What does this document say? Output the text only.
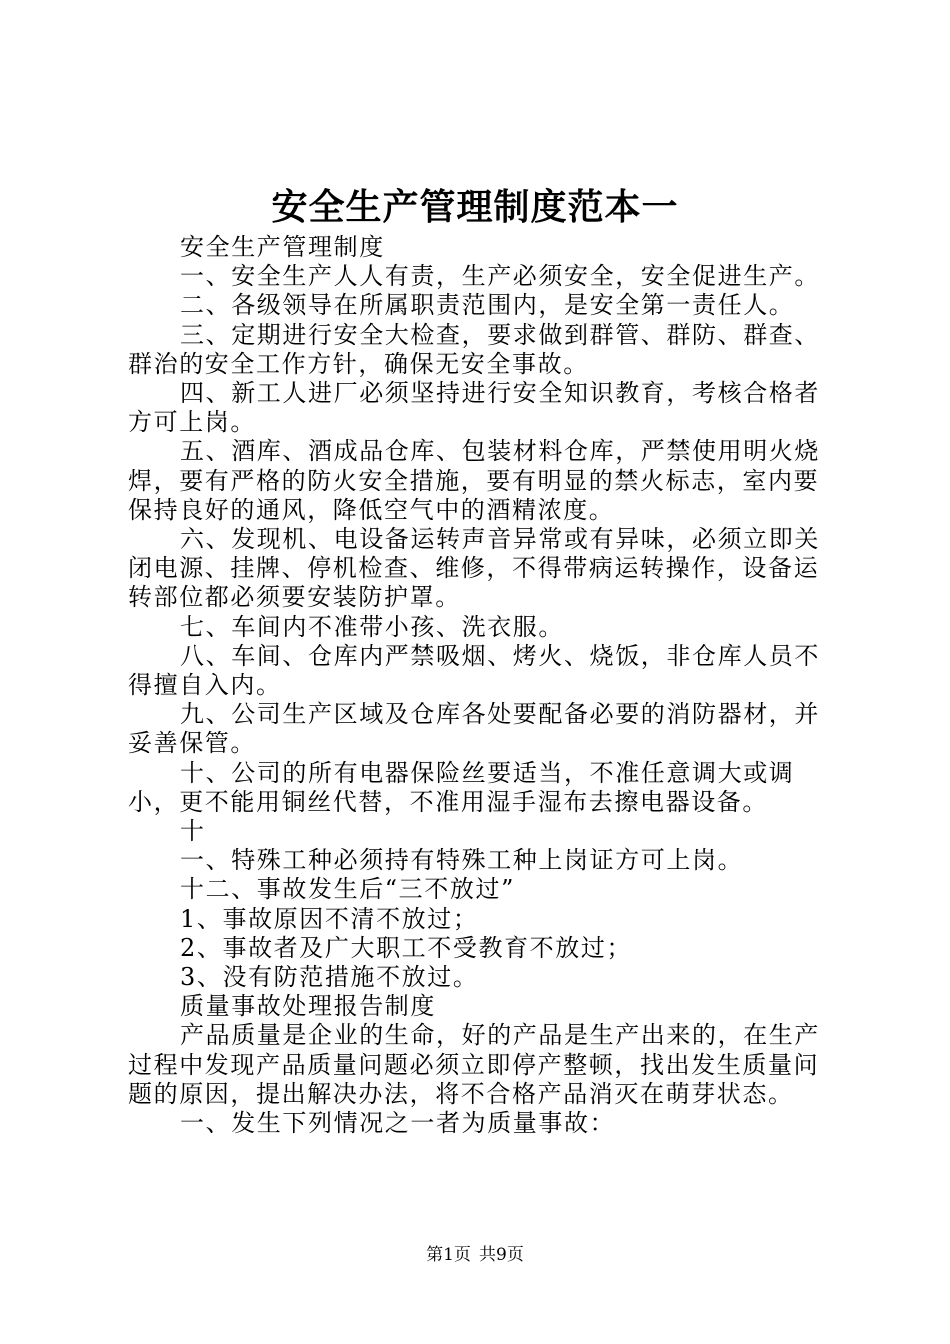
安全生产管理制度范本一

安全生产管理制度

一、安全生产人人有责，生产必须安全，安全促进生产。

二、各级领导在所属职责范围内，是安全第一责任人。

三、定期进行安全大检查，要求做到群管、群防、群查、群治的安全工作方针，确保无安全事故。

四、新工人进厂必须坚持进行安全知识教育，考核合格者方可上岗。

五、酒库、酒成品仓库、包装材料仓库，严禁使用明火烧焊，要有严格的防火安全措施，要有明显的禁火标志，室内要保持良好的通风，降低空气中的酒精浓度。

六、发现机、电设备运转声音异常或有异味，必须立即关闭电源、挂牌、停机检查、维修，不得带病运转操作，设备运转部位都必须要安装防护罩。

七、车间内不准带小孩、洗衣服。

八、车间、仓库内严禁吸烟、烤火、烧饭，非仓库人员不得擅自入内。

九、公司生产区域及仓库各处要配备必要的消防器材，并妥善保管。

十、公司的所有电器保险丝要适当，不准任意调大或调小，更不能用铜丝代替，不准用湿手湿布去擦电器设备。

十

一、特殊工种必须持有特殊工种上岗证方可上岗。

十二、事故发生后“三不放过”

1、事故原因不清不放过；

2、事故者及广大职工不受教育不放过；

3、没有防范措施不放过。

质量事故处理报告制度

产品质量是企业的生命，好的产品是生产出来的，在生产过程中发现产品质量问题必须立即停产整顿，找出发生质量问题的原因，提出解决办法，将不合格产品消灭在萌芽状态。

一、发生下列情况之一者为质量事故：

第1页 共9页
